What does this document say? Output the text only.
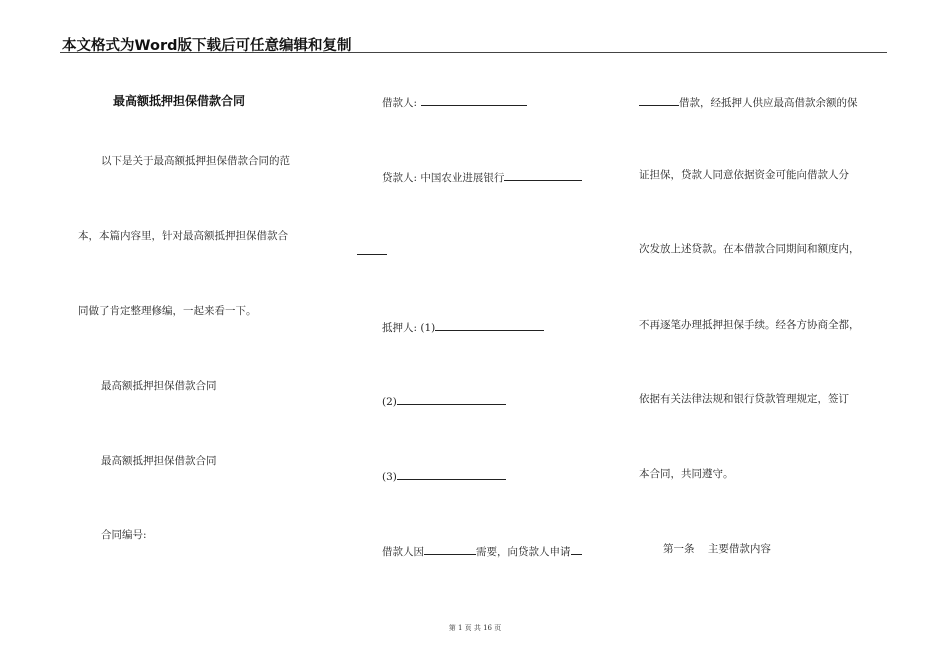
本文格式为Word版下载后可任意编辑和复制
最高额抵押担保借款合同
以下是关于最高额抵押担保借款合同的范
本，本篇内容里，针对最高额抵押担保借款合
同做了肯定整理修编，一起来看一下。
最高额抵押担保借款合同
最高额抵押担保借款合同
合同编号:
借款人:
贷款人: 中国农业进展银行
抵押人: (1)
(2)
(3)
借款人因	需要，向贷款人申请
借款，经抵押人供应最高借款余额的保
证担保，贷款人同意依据资金可能向借款人分
次发放上述贷款。在本借款合同期间和额度内，
不再逐笔办理抵押担保手续。经各方协商全都，
依据有关法律法规和银行贷款管理规定，签订
本合同，共同遵守。
第一条    主要借款内容
第 1 页 共 16 页
